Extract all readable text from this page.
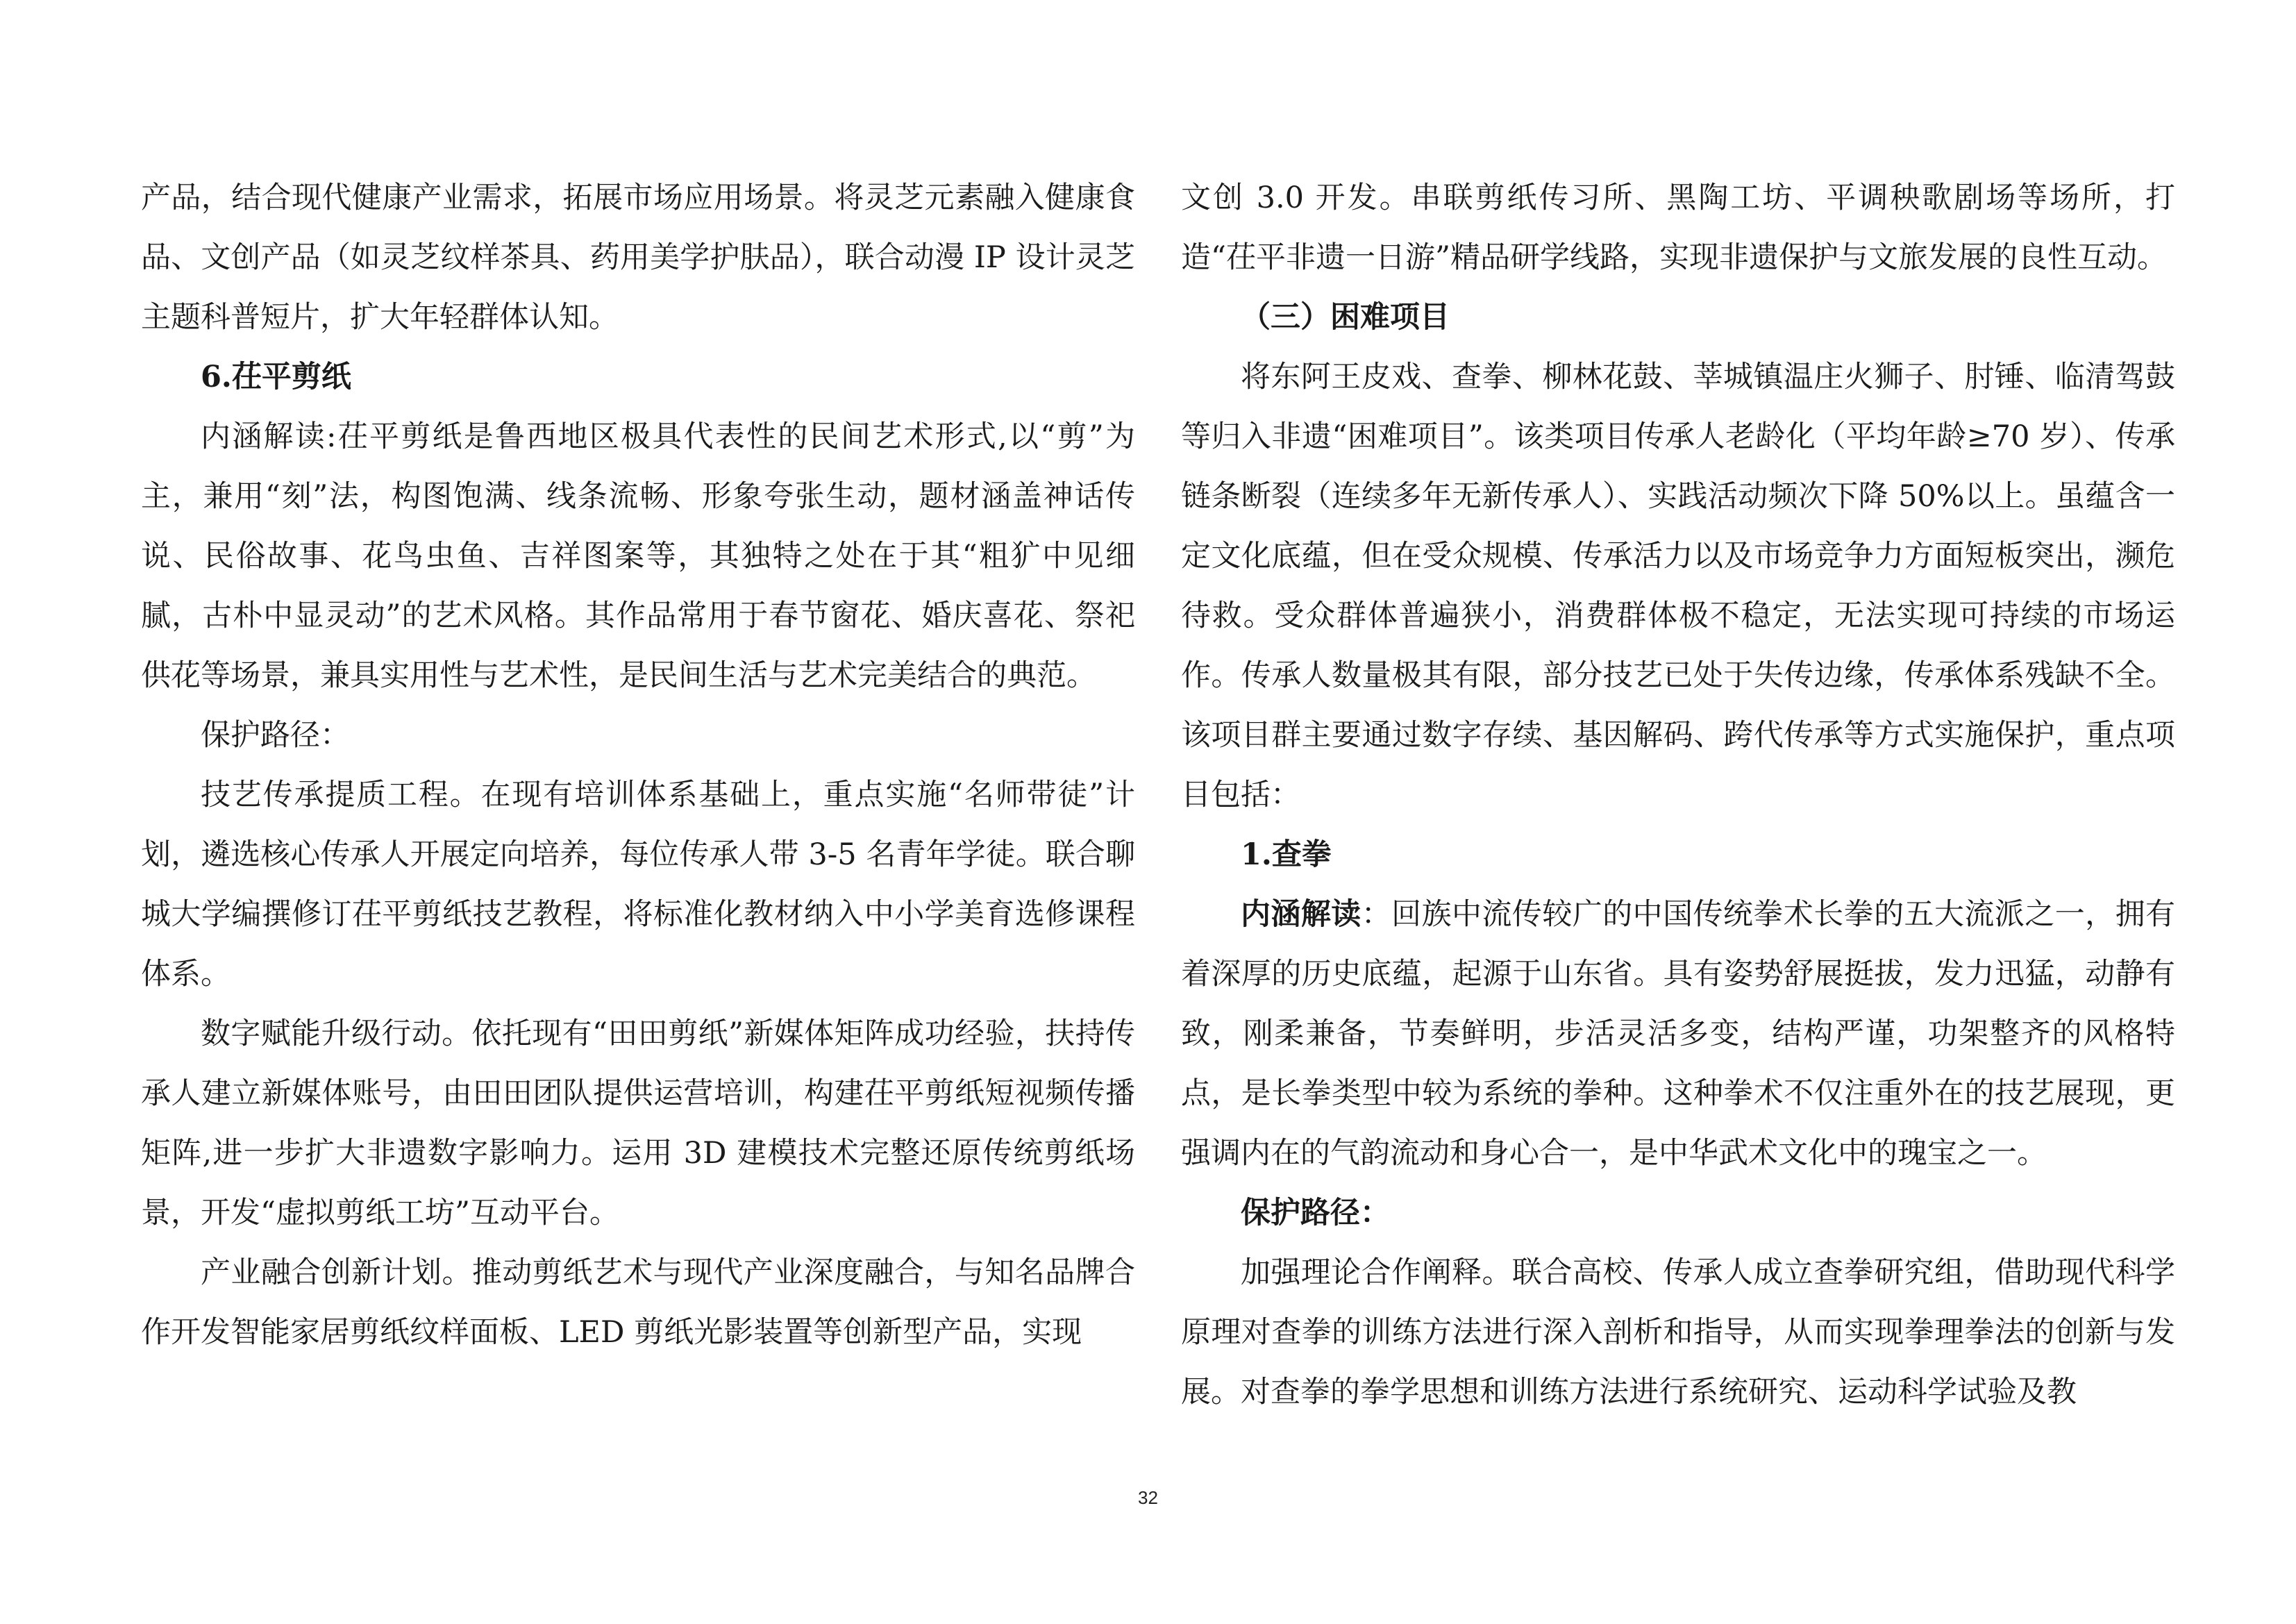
产品，结合现代健康产业需求，拓展市场应用场景。将灵芝元素融入健康食品、文创产品（如灵芝纹样茶具、药用美学护肤品），联合动漫 IP 设计灵芝主题科普短片，扩大年轻群体认知。

6.茌平剪纸

内涵解读:茌平剪纸是鲁西地区极具代表性的民间艺术形式,以“剪”为主，兼用“刻”法，构图饱满、线条流畅、形象夸张生动，题材涵盖神话传说、民俗故事、花鸟虫鱼、吉祥图案等，其独特之处在于其“粗犷中见细腻，古朴中显灵动”的艺术风格。其作品常用于春节窗花、婚庆喜花、祭祀供花等场景，兼具实用性与艺术性，是民间生活与艺术完美结合的典范。

保护路径：

技艺传承提质工程。在现有培训体系基础上，重点实施“名师带徒”计划，遴选核心传承人开展定向培养，每位传承人带 3-5 名青年学徒。联合聊城大学编撰修订茌平剪纸技艺教程，将标准化教材纳入中小学美育选修课程体系。

数字赋能升级行动。依托现有“田田剪纸”新媒体矩阵成功经验，扶持传承人建立新媒体账号，由田田团队提供运营培训，构建茌平剪纸短视频传播矩阵,进一步扩大非遗数字影响力。运用 3D 建模技术完整还原传统剪纸场景，开发“虚拟剪纸工坊”互动平台。

产业融合创新计划。推动剪纸艺术与现代产业深度融合，与知名品牌合作开发智能家居剪纸纹样面板、LED 剪纸光影装置等创新型产品，实现

文创 3.0 开发。串联剪纸传习所、黑陶工坊、平调秧歌剧场等场所，打造“茌平非遗一日游”精品研学线路，实现非遗保护与文旅发展的良性互动。

（三）困难项目

将东阿王皮戏、查拳、柳林花鼓、莘城镇温庄火狮子、肘锤、临清驾鼓等归入非遗“困难项目”。该类项目传承人老龄化（平均年龄≥70 岁）、传承链条断裂（连续多年无新传承人）、实践活动频次下降 50%以上。虽蕴含一定文化底蕴，但在受众规模、传承活力以及市场竞争力方面短板突出，濒危待救。受众群体普遍狭小，消费群体极不稳定，无法实现可持续的市场运作。传承人数量极其有限，部分技艺已处于失传边缘，传承体系残缺不全。该项目群主要通过数字存续、基因解码、跨代传承等方式实施保护，重点项目包括：

1.查拳

内涵解读：回族中流传较广的中国传统拳术长拳的五大流派之一，拥有着深厚的历史底蕴，起源于山东省。具有姿势舒展挺拔，发力迅猛，动静有致，刚柔兼备，节奏鲜明，步活灵活多变，结构严谨，功架整齐的风格特点，是长拳类型中较为系统的拳种。这种拳术不仅注重外在的技艺展现，更强调内在的气韵流动和身心合一，是中华武术文化中的瑰宝之一。

保护路径：

加强理论合作阐释。联合高校、传承人成立查拳研究组，借助现代科学原理对查拳的训练方法进行深入剖析和指导，从而实现拳理拳法的创新与发展。对查拳的拳学思想和训练方法进行系统研究、运动科学试验及教

32
